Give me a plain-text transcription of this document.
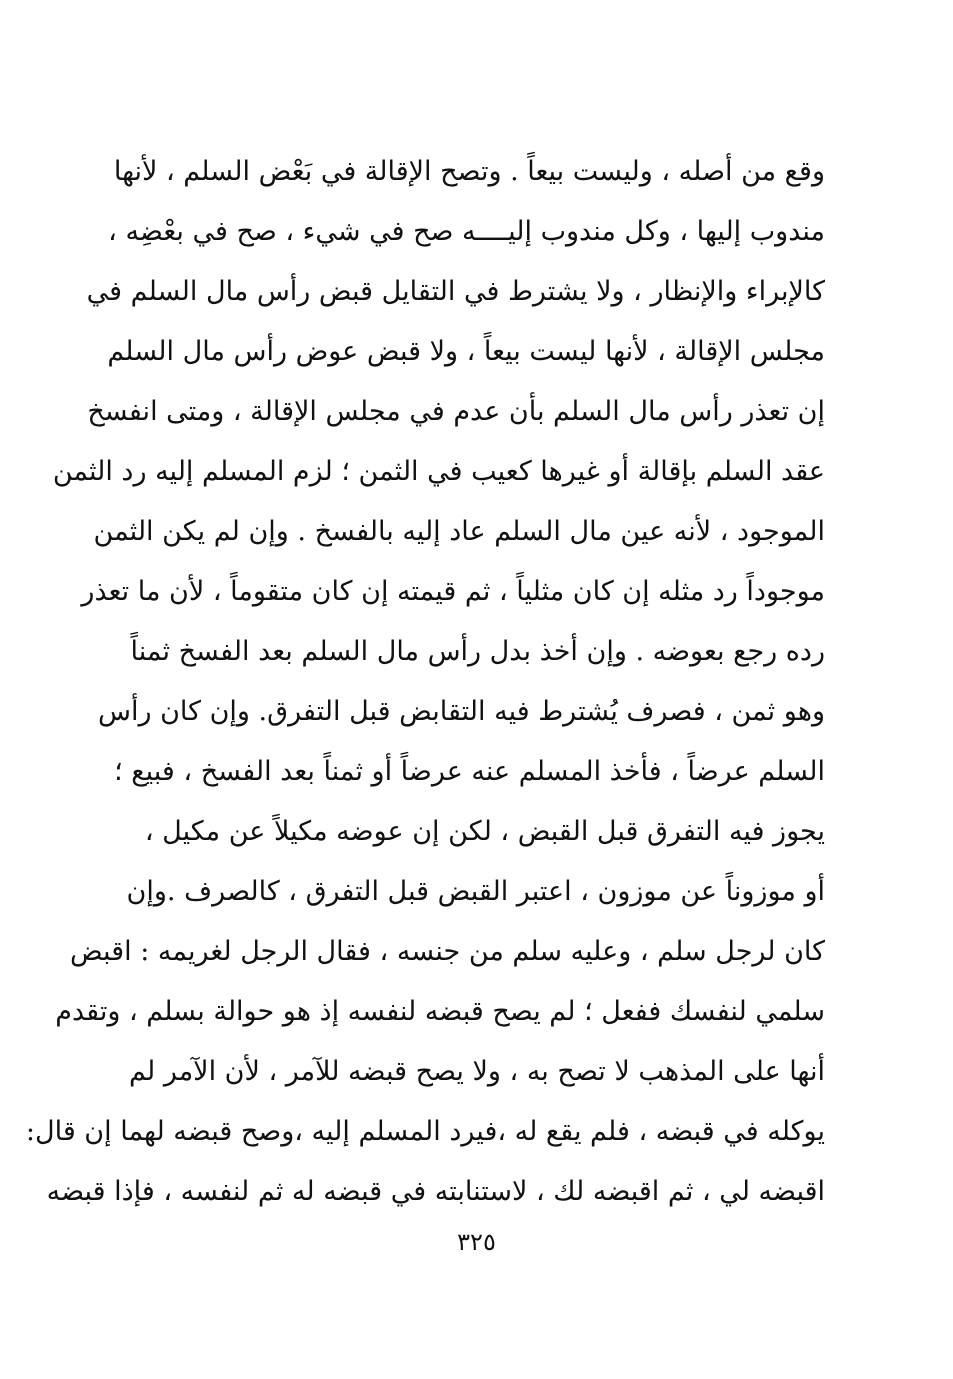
وقع من أصله ، وليست بيعاً . وتصح الإقالة في بَعْض السلم ، لأنها
مندوب إليها ، وكل مندوب إليــــه صح في شيء ، صح في بعْضِه ،
كالإبراء والإنظار ، ولا يشترط في التقايل قبض رأس مال السلم في
مجلس الإقالة ، لأنها ليست بيعاً ، ولا قبض عوض رأس مال السلم
إن تعذر رأس مال السلم بأن عدم في مجلس الإقالة ، ومتى انفسخ
عقد السلم بإقالة أو غيرها كعيب في الثمن ؛ لزم المسلم إليه رد الثمن
الموجود ، لأنه عين مال السلم عاد إليه بالفسخ . وإن لم يكن الثمن
موجوداً رد مثله إن كان مثلياً ، ثم قيمته إن كان متقوماً ، لأن ما تعذر
رده رجع بعوضه . وإن أخذ بدل رأس مال السلم بعد الفسخ ثمناً
وهو ثمن ، فصرف يُشترط فيه التقابض قبل التفرق. وإن كان رأس
السلم عرضاً ، فأخذ المسلم عنه عرضاً أو ثمناً بعد الفسخ ، فبيع ؛
يجوز فيه التفرق قبل القبض ، لكن إن عوضه مكيلاً عن مكيل ،
أو موزوناً عن موزون ، اعتبر القبض قبل التفرق ، كالصرف .وإن
كان لرجل سلم ، وعليه سلم من جنسه ، فقال الرجل لغريمه : اقبض
سلمي لنفسك ففعل ؛ لم يصح قبضه لنفسه إذ هو حوالة بسلم ، وتقدم
أنها على المذهب لا تصح به ، ولا يصح قبضه للآمر ، لأن الآمر لم
يوكله في قبضه ، فلم يقع له ،فيرد المسلم إليه ،وصح قبضه لهما إن قال:
اقبضه لي ، ثم اقبضه لك ، لاستنابته في قبضه له ثم لنفسه ، فإذا قبضه
٣٢٥
